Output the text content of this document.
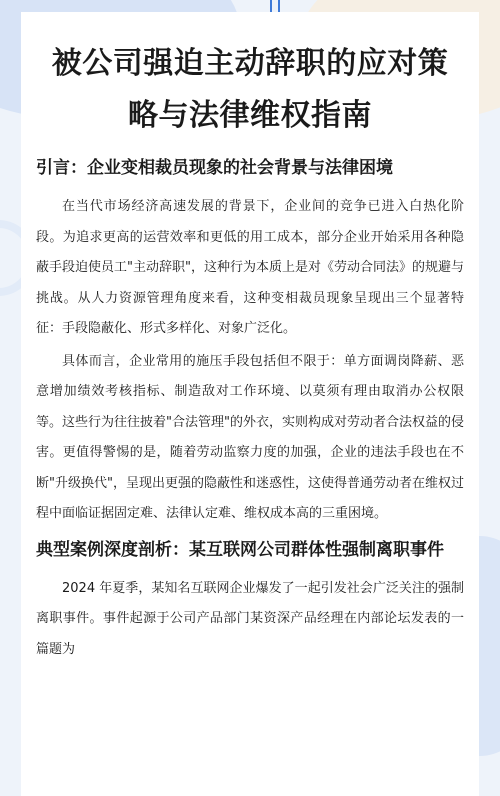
被公司强迫主动辞职的应对策
略与法律维权指南
引言：企业变相裁员现象的社会背景与法律困境

在当代市场经济高速发展的背景下，企业间的竞争已进入白热化阶段。为追求更高的运营效率和更低的用工成本，部分企业开始采用各种隐蔽手段迫使员工"主动辞职"，这种行为本质上是对《劳动合同法》的规避与挑战。从人力资源管理角度来看，这种变相裁员现象呈现出三个显著特征：手段隐蔽化、形式多样化、对象广泛化。

具体而言，企业常用的施压手段包括但不限于：单方面调岗降薪、恶意增加绩效考核指标、制造敌对工作环境、以莫须有理由取消办公权限等。这些行为往往披着"合法管理"的外衣，实则构成对劳动者合法权益的侵害。更值得警惕的是，随着劳动监察力度的加强，企业的违法手段也在不断"升级换代"，呈现出更强的隐蔽性和迷惑性，这使得普通劳动者在维权过程中面临证据固定难、法律认定难、维权成本高的三重困境。

典型案例深度剖析：某互联网公司群体性强制离职事件

2024 年夏季，某知名互联网企业爆发了一起引发社会广泛关注的强制离职事件。事件起源于公司产品部门某资深产品经理在内部论坛发表的一篇题为
